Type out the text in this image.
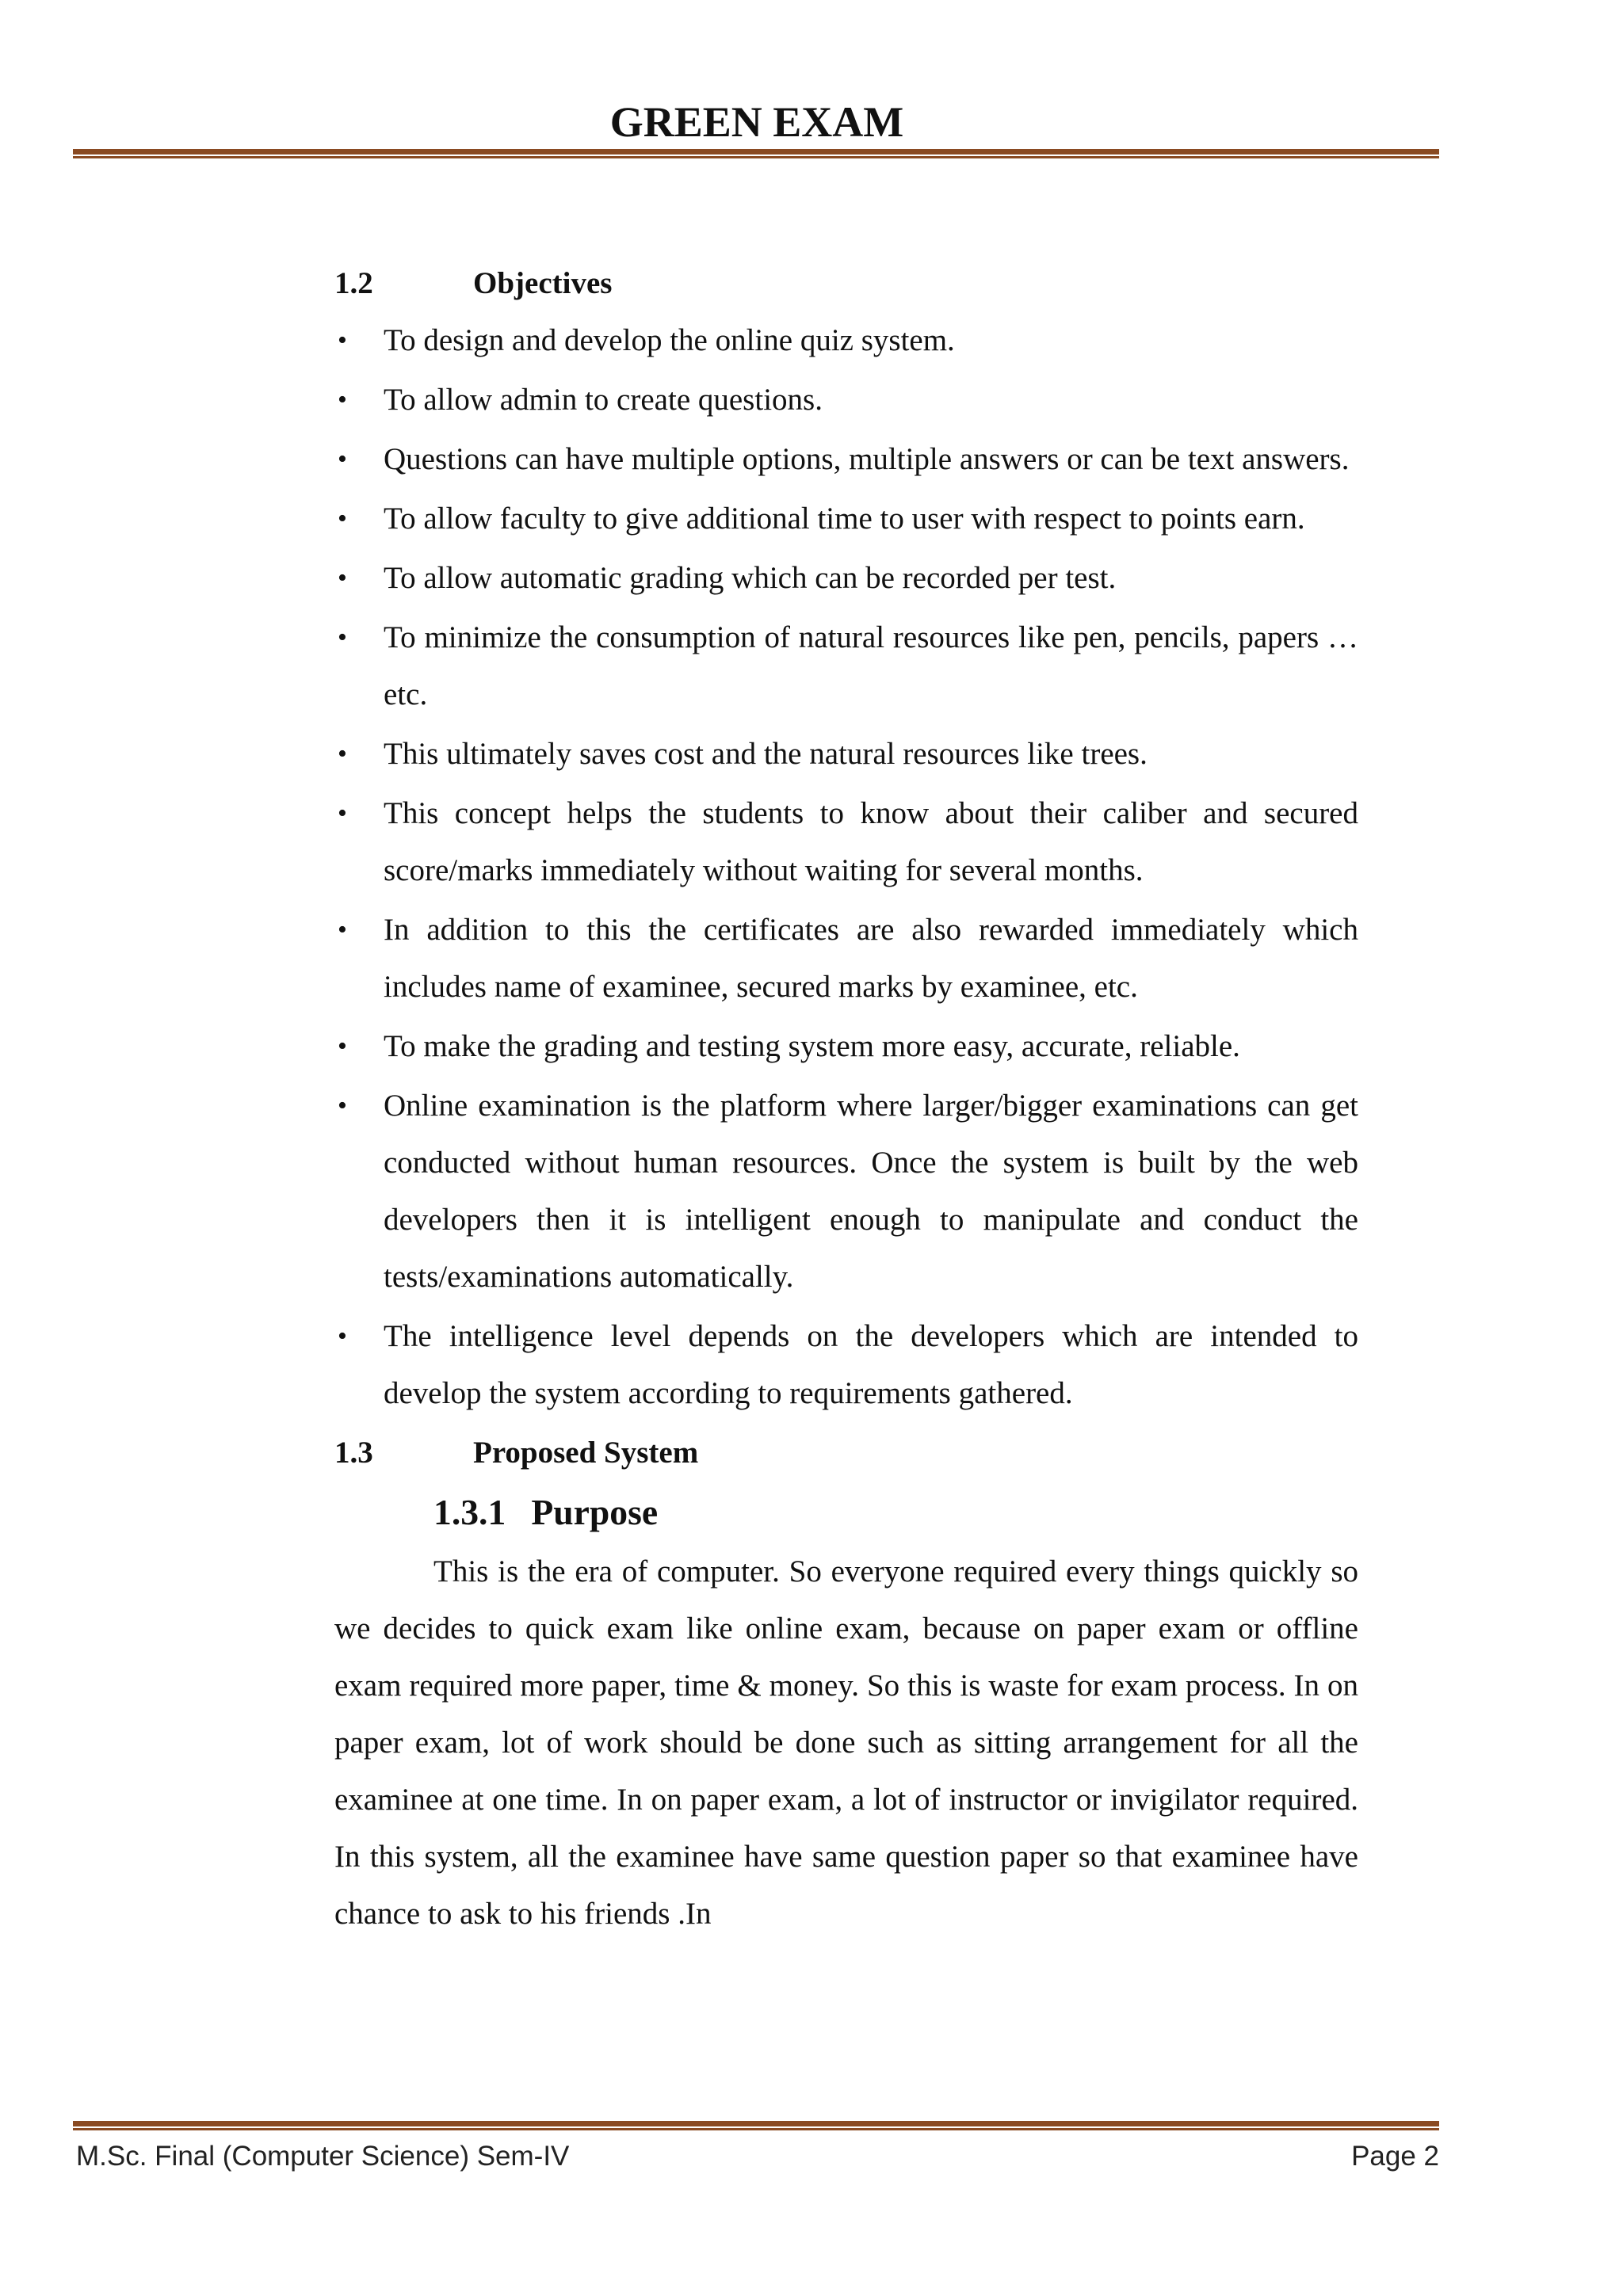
GREEN EXAM
1.2	Objectives
• To design and develop the online quiz system.
• To allow admin to create questions.
• Questions can have multiple options, multiple answers or can be text answers.
• To allow faculty to give additional time to user with respect to points earn.
• To allow automatic grading which can be recorded per test.
• To minimize the consumption of natural resources like pen, pencils, papers …etc.
• This ultimately saves cost and the natural resources like trees.
• This concept helps the students to know about their caliber and secured score/marks immediately without waiting for several months.
• In addition to this the certificates are also rewarded immediately which includes name of examinee, secured marks by examinee, etc.
• To make the grading and testing system more easy, accurate, reliable.
• Online examination is the platform where larger/bigger examinations can get conducted without human resources. Once the system is built by the web developers then it is intelligent enough to manipulate and conduct the tests/examinations automatically.
• The intelligence level depends on the developers which are intended to develop the system according to requirements gathered.
1.3	Proposed System
1.3.1 Purpose

This is the era of computer. So everyone required every things quickly so we decides to quick exam like online exam, because on paper exam or offline exam required more paper, time & money. So this is waste for exam process. In on paper exam, lot of work should be done such as sitting arrangement for all the examinee at one time. In on paper exam, a lot of instructor or invigilator required. In this system, all the examinee have same question paper so that examinee have chance to ask to his friends .In

M.Sc. Final (Computer Science) Sem-IV	Page 2
